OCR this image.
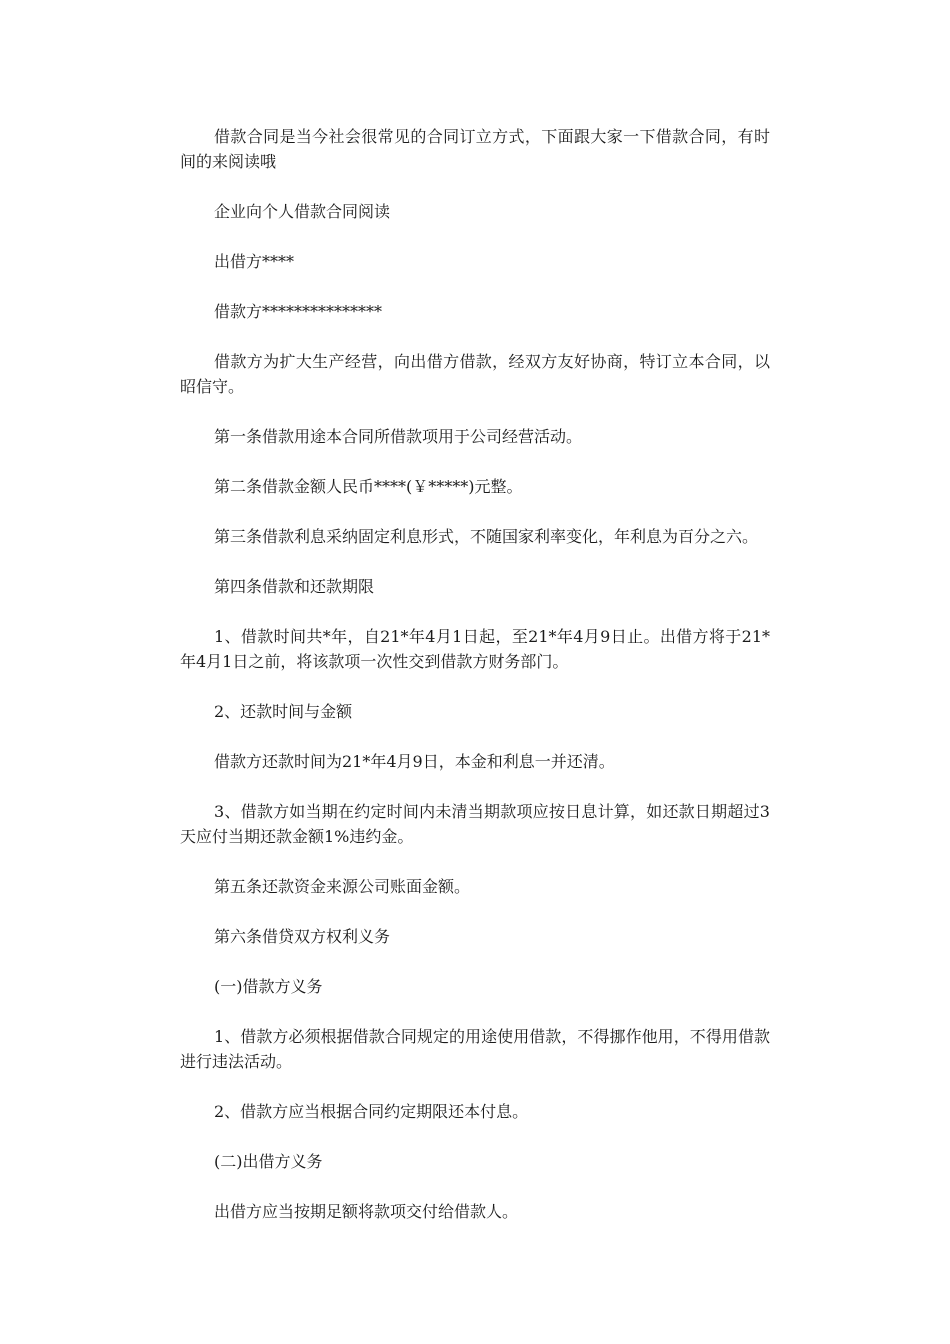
借款合同是当今社会很常见的合同订立方式，下面跟大家一下借款合同，有时间的来阅读哦

企业向个人借款合同阅读

出借方****

借款方***************

借款方为扩大生产经营，向出借方借款，经双方友好协商，特订立本合同，以昭信守。

第一条借款用途本合同所借款项用于公司经营活动。

第二条借款金额人民币****(￥*****)元整。

第三条借款利息采纳固定利息形式，不随国家利率变化，年利息为百分之六。

第四条借款和还款期限

1、借款时间共*年，自21*年4月1日起，至21*年4月9日止。出借方将于21*年4月1日之前，将该款项一次性交到借款方财务部门。

2、还款时间与金额

借款方还款时间为21*年4月9日，本金和利息一并还清。

3、借款方如当期在约定时间内未清当期款项应按日息计算，如还款日期超过3天应付当期还款金额1%违约金。

第五条还款资金来源公司账面金额。

第六条借贷双方权利义务

(一)借款方义务

1、借款方必须根据借款合同规定的用途使用借款，不得挪作他用，不得用借款进行违法活动。

2、借款方应当根据合同约定期限还本付息。

(二)出借方义务

出借方应当按期足额将款项交付给借款人。
